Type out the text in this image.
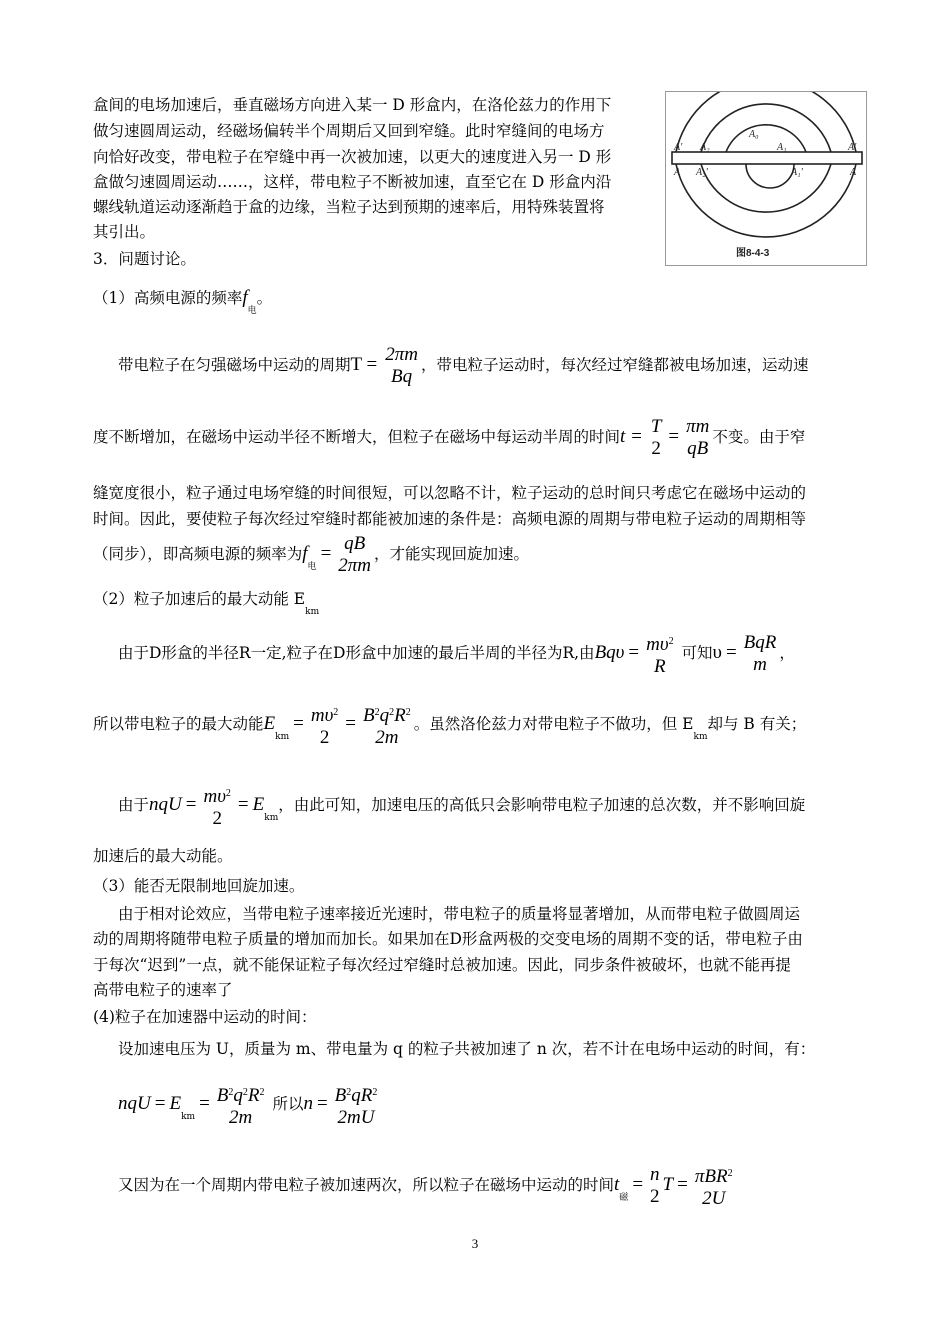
盒间的电场加速后，垂直磁场方向进入某一 D 形盒内，在洛伦兹力的作用下
做匀速圆周运动，经磁场偏转半个周期后又回到窄缝。此时窄缝间的电场方
向恰好改变，带电粒子在窄缝中再一次被加速，以更大的速度进入另一 D 形
盒做匀速圆周运动……，这样，带电粒子不断被加速，直至它在 D 形盒内沿
螺线轨道运动逐渐趋于盒的边缘，当粒子达到预期的速率后，用特殊装置将
其引出。
A₀
A₁
A₂
A₂'	A₁'
A'	A'
A	A
图8-4-3
3．问题讨论。
（1）高频电源的频率$f_电$。
带电粒子在匀强磁场中运动的周期T = 2πm
Bq
，带电粒子运动时，每次经过窄缝都被电场加速，运动速
度不断增加，在磁场中运动半径不断增大，但粒子在磁场中每运动半周的时间t = T
2
= πm
qB
不变。由于窄
缝宽度很小，粒子通过电场窄缝的时间很短，可以忽略不计，粒子运动的总时间只考虑它在磁场中运动的
时间。因此，要使粒子每次经过窄缝时都能被加速的条件是：高频电源的周期与带电粒子运动的周期相等
（同步），即高频电源的频率为$f_电=$ qB
2πm
，才能实现回旋加速。
（2）粒子加速后的最大动能 $E_{km}$
由于D形盒的半径R一定,粒子在D形盒中加速的最后半周的半径为R,由$Bq\upsilon = m\upsilon^2$
R
可知υ = BqR
m
，
所以带电粒子的最大动能$E_{km}= m\upsilon^2$
2
= $B^2q^2R^2$
2m
。虽然洛伦兹力对带电粒子不做功，但 $E_{km}$却与 B 有关；
由于nqU = $m\upsilon^2$
2
= $E_{km}$，由此可知，加速电压的高低只会影响带电粒子加速的总次数，并不影响回旋
加速后的最大动能。
（3）能否无限制地回旋加速。
由于相对论效应，当带电粒子速率接近光速时，带电粒子的质量将显著增加，从而带电粒子做圆周运
动的周期将随带电粒子质量的增加而加长。如果加在D形盒两极的交变电场的周期不变的话，带电粒子由
于每次“迟到”一点，就不能保证粒子每次经过窄缝时总被加速。因此，同步条件被破坏，也就不能再提
高带电粒子的速率了
(4)粒子在加速器中运动的时间：
设加速电压为 U，质量为 m、带电量为 q 的粒子共被加速了 n 次，若不计在电场中运动的时间，有：
nqU = $E_{km}= B^2q^2R^2$
2m
所以$n = B^2qR^2$
2mU
又因为在一个周期内带电粒子被加速两次，所以粒子在磁场中运动的时间$t_磁= n$
2
T = πBR$^2$
2U
3
